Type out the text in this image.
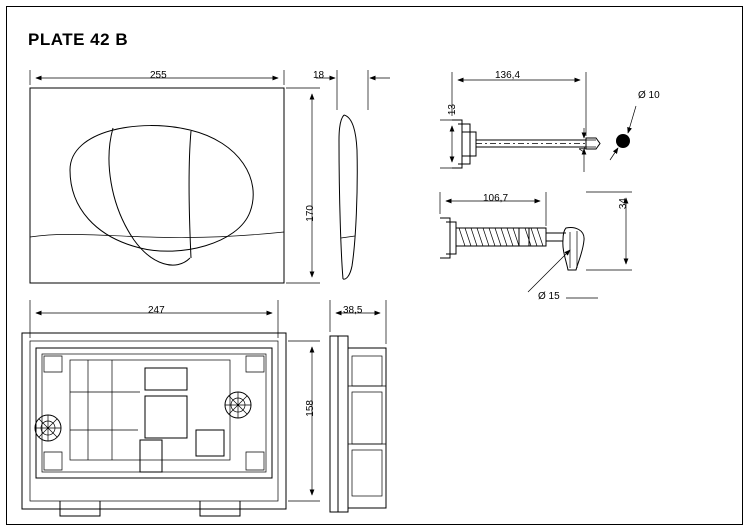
PLATE 42 B
255	18
170
136,4
13
4
Ø 10
106,7	34
Ø 15
247	38,5
158
